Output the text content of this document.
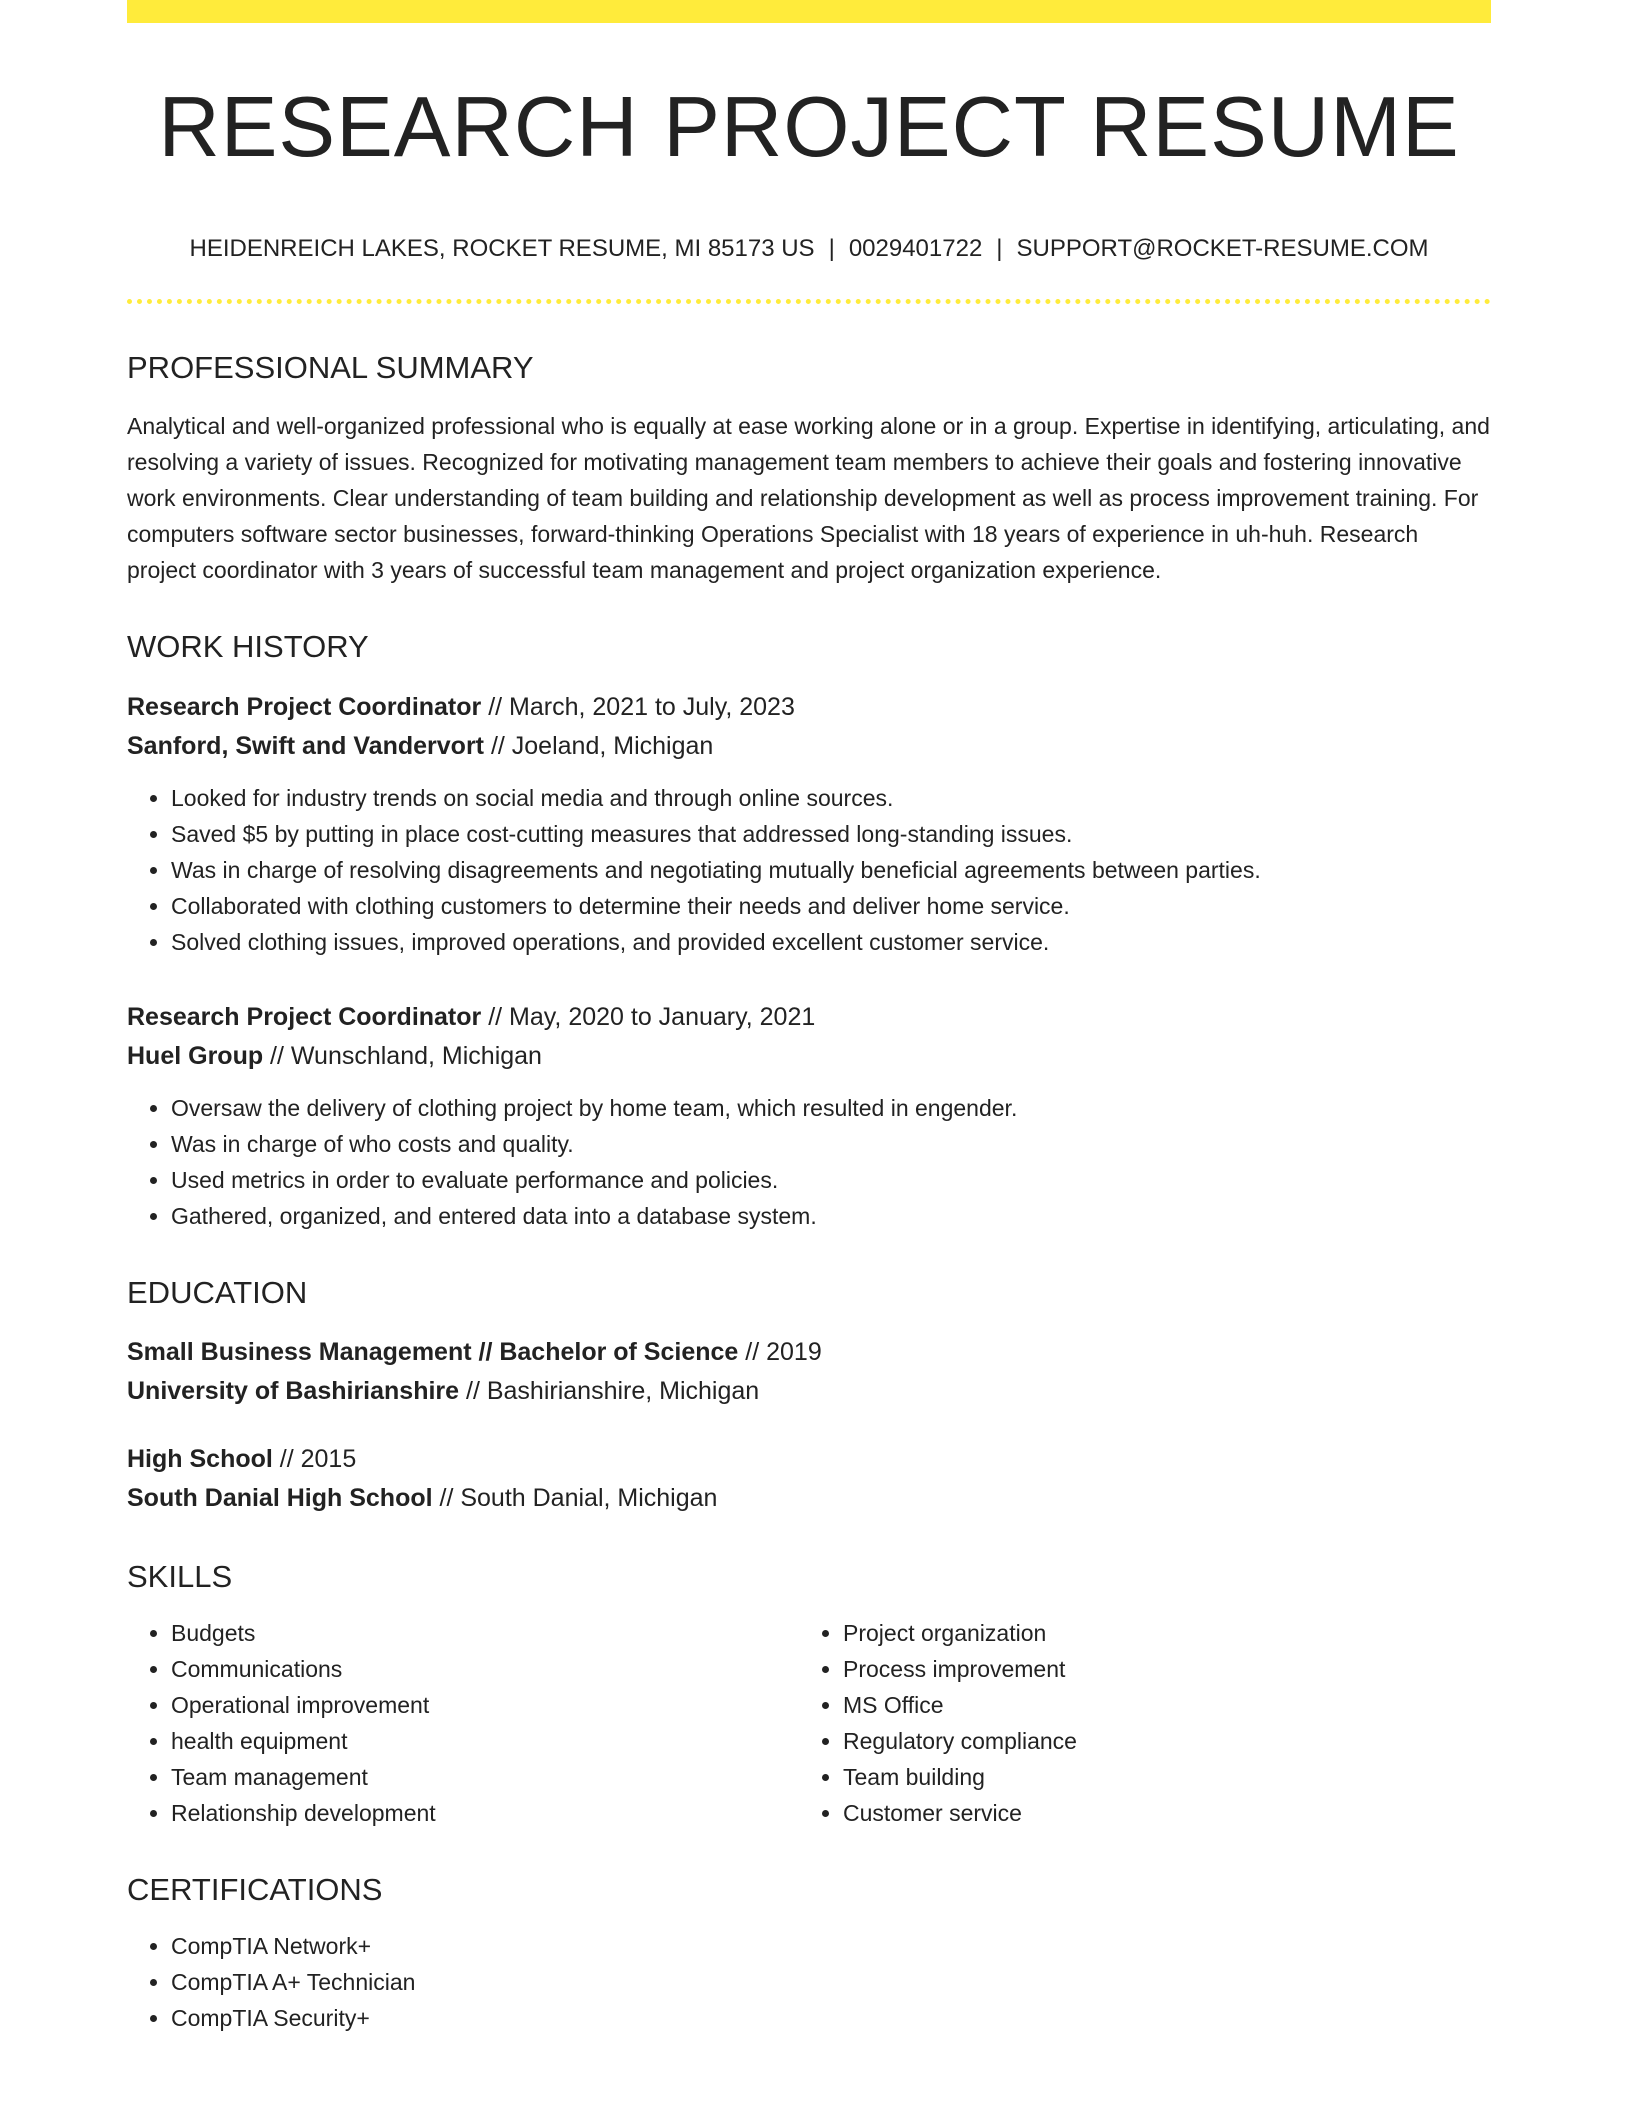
RESEARCH PROJECT RESUME
HEIDENREICH LAKES, ROCKET RESUME, MI 85173 US | 0029401722 | SUPPORT@ROCKET-RESUME.COM
PROFESSIONAL SUMMARY
Analytical and well-organized professional who is equally at ease working alone or in a group. Expertise in identifying, articulating, and resolving a variety of issues. Recognized for motivating management team members to achieve their goals and fostering innovative work environments. Clear understanding of team building and relationship development as well as process improvement training. For computers software sector businesses, forward-thinking Operations Specialist with 18 years of experience in uh-huh. Research project coordinator with 3 years of successful team management and project organization experience.
WORK HISTORY
Research Project Coordinator // March, 2021 to July, 2023
Sanford, Swift and Vandervort // Joeland, Michigan
• Looked for industry trends on social media and through online sources.
• Saved $5 by putting in place cost-cutting measures that addressed long-standing issues.
• Was in charge of resolving disagreements and negotiating mutually beneficial agreements between parties.
• Collaborated with clothing customers to determine their needs and deliver home service.
• Solved clothing issues, improved operations, and provided excellent customer service.
Research Project Coordinator // May, 2020 to January, 2021
Huel Group // Wunschland, Michigan
• Oversaw the delivery of clothing project by home team, which resulted in engender.
• Was in charge of who costs and quality.
• Used metrics in order to evaluate performance and policies.
• Gathered, organized, and entered data into a database system.
EDUCATION
Small Business Management // Bachelor of Science // 2019
University of Bashirianshire // Bashirianshire, Michigan
High School // 2015
South Danial High School // South Danial, Michigan
SKILLS
• Budgets
• Communications
• Operational improvement
• health equipment
• Team management
• Relationship development
• Project organization
• Process improvement
• MS Office
• Regulatory compliance
• Team building
• Customer service
CERTIFICATIONS
• CompTIA Network+
• CompTIA A+ Technician
• CompTIA Security+
